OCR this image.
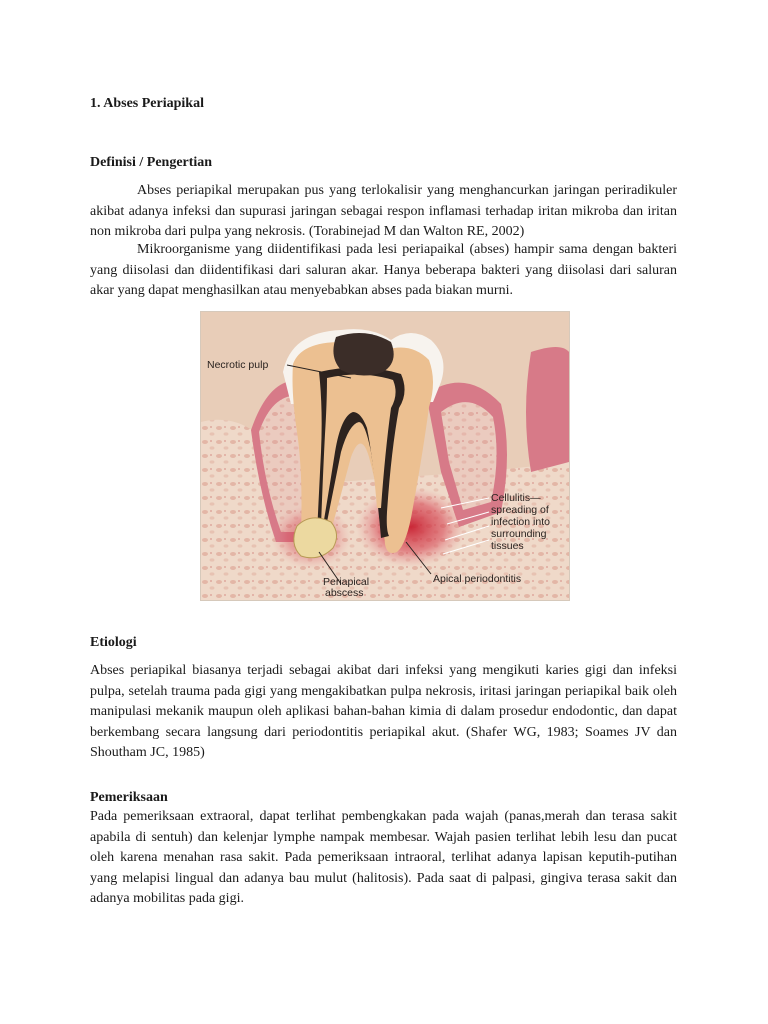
1. Abses Periapikal

Definisi / Pengertian

Abses periapikal merupakan pus yang terlokalisir yang menghancurkan jaringan periradikuler akibat adanya infeksi dan supurasi jaringan sebagai respon inflamasi terhadap iritan mikroba dan iritan non mikroba dari pulpa yang nekrosis. (Torabinejad M dan Walton RE, 2002)

Mikroorganisme yang diidentifikasi pada lesi periapaikal (abses) hampir sama dengan bakteri yang diisolasi dan diidentifikasi dari saluran akar. Hanya beberapa bakteri yang diisolasi dari saluran akar yang dapat menghasilkan atau menyebabkan abses pada biakan murni.

Necrotic pulp
Cellulitis—
spreading of
infection into
surrounding
tissues
Periapical
abscess
Apical periodontitis

Etiologi

Abses periapikal biasanya terjadi sebagai akibat dari infeksi yang mengikuti karies gigi dan infeksi pulpa, setelah trauma pada gigi yang mengakibatkan pulpa nekrosis, iritasi jaringan periapikal baik oleh manipulasi mekanik maupun oleh aplikasi bahan-bahan kimia di dalam prosedur endodontic, dan dapat berkembang secara langsung dari periodontitis periapikal akut. (Shafer WG, 1983; Soames JV dan Shoutham JC, 1985)

Pemeriksaan

Pada pemeriksaan extraoral, dapat terlihat pembengkakan pada wajah (panas,merah dan terasa sakit apabila di sentuh) dan kelenjar lymphe nampak membesar. Wajah pasien terlihat lebih lesu dan pucat oleh karena menahan rasa sakit. Pada pemeriksaan intraoral, terlihat adanya lapisan keputih-putihan yang melapisi lingual dan adanya bau mulut (halitosis). Pada saat di palpasi, gingiva terasa sakit dan adanya mobilitas pada gigi.
